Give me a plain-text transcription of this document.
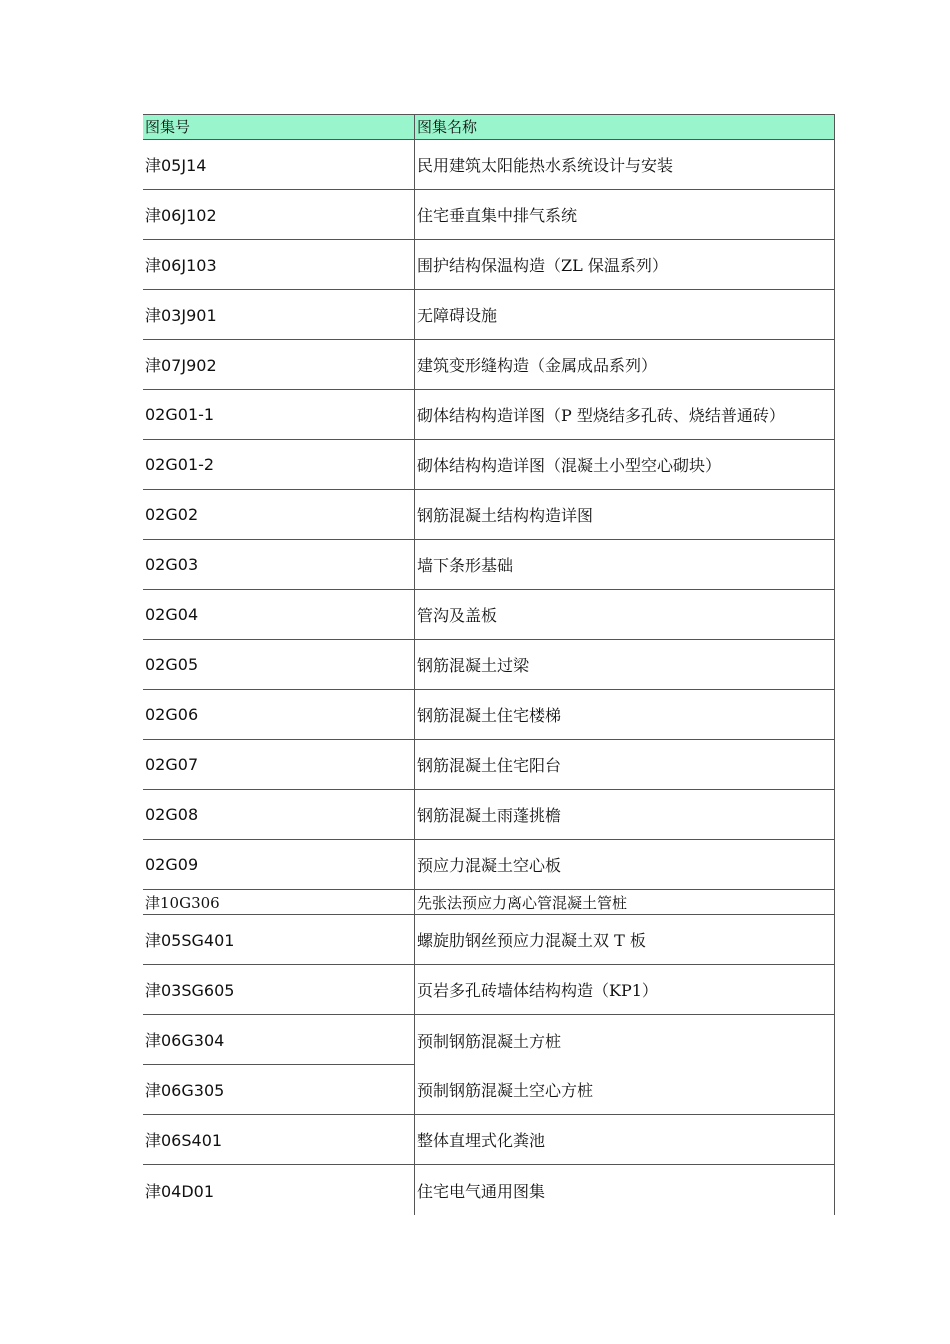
图集号	图集名称
津05J14	民用建筑太阳能热水系统设计与安装
津06J102	住宅垂直集中排气系统
津06J103	围护结构保温构造（ZL 保温系列）
津03J901	无障碍设施
津07J902	建筑变形缝构造（金属成品系列）
02G01-1	砌体结构构造详图（P 型烧结多孔砖、烧结普通砖）
02G01-2	砌体结构构造详图（混凝土小型空心砌块）
02G02	钢筋混凝土结构构造详图
02G03	墙下条形基础
02G04	管沟及盖板
02G05	钢筋混凝土过梁
02G06	钢筋混凝土住宅楼梯
02G07	钢筋混凝土住宅阳台
02G08	钢筋混凝土雨蓬挑檐
02G09	预应力混凝土空心板
津10G306	先张法预应力离心管混凝土管桩
津05SG401	螺旋肋钢丝预应力混凝土双 T 板
津03SG605	页岩多孔砖墙体结构构造（KP1）
津06G304	预制钢筋混凝土方桩
津06G305	预制钢筋混凝土空心方桩
津06S401	整体直埋式化粪池
津04D01	住宅电气通用图集
